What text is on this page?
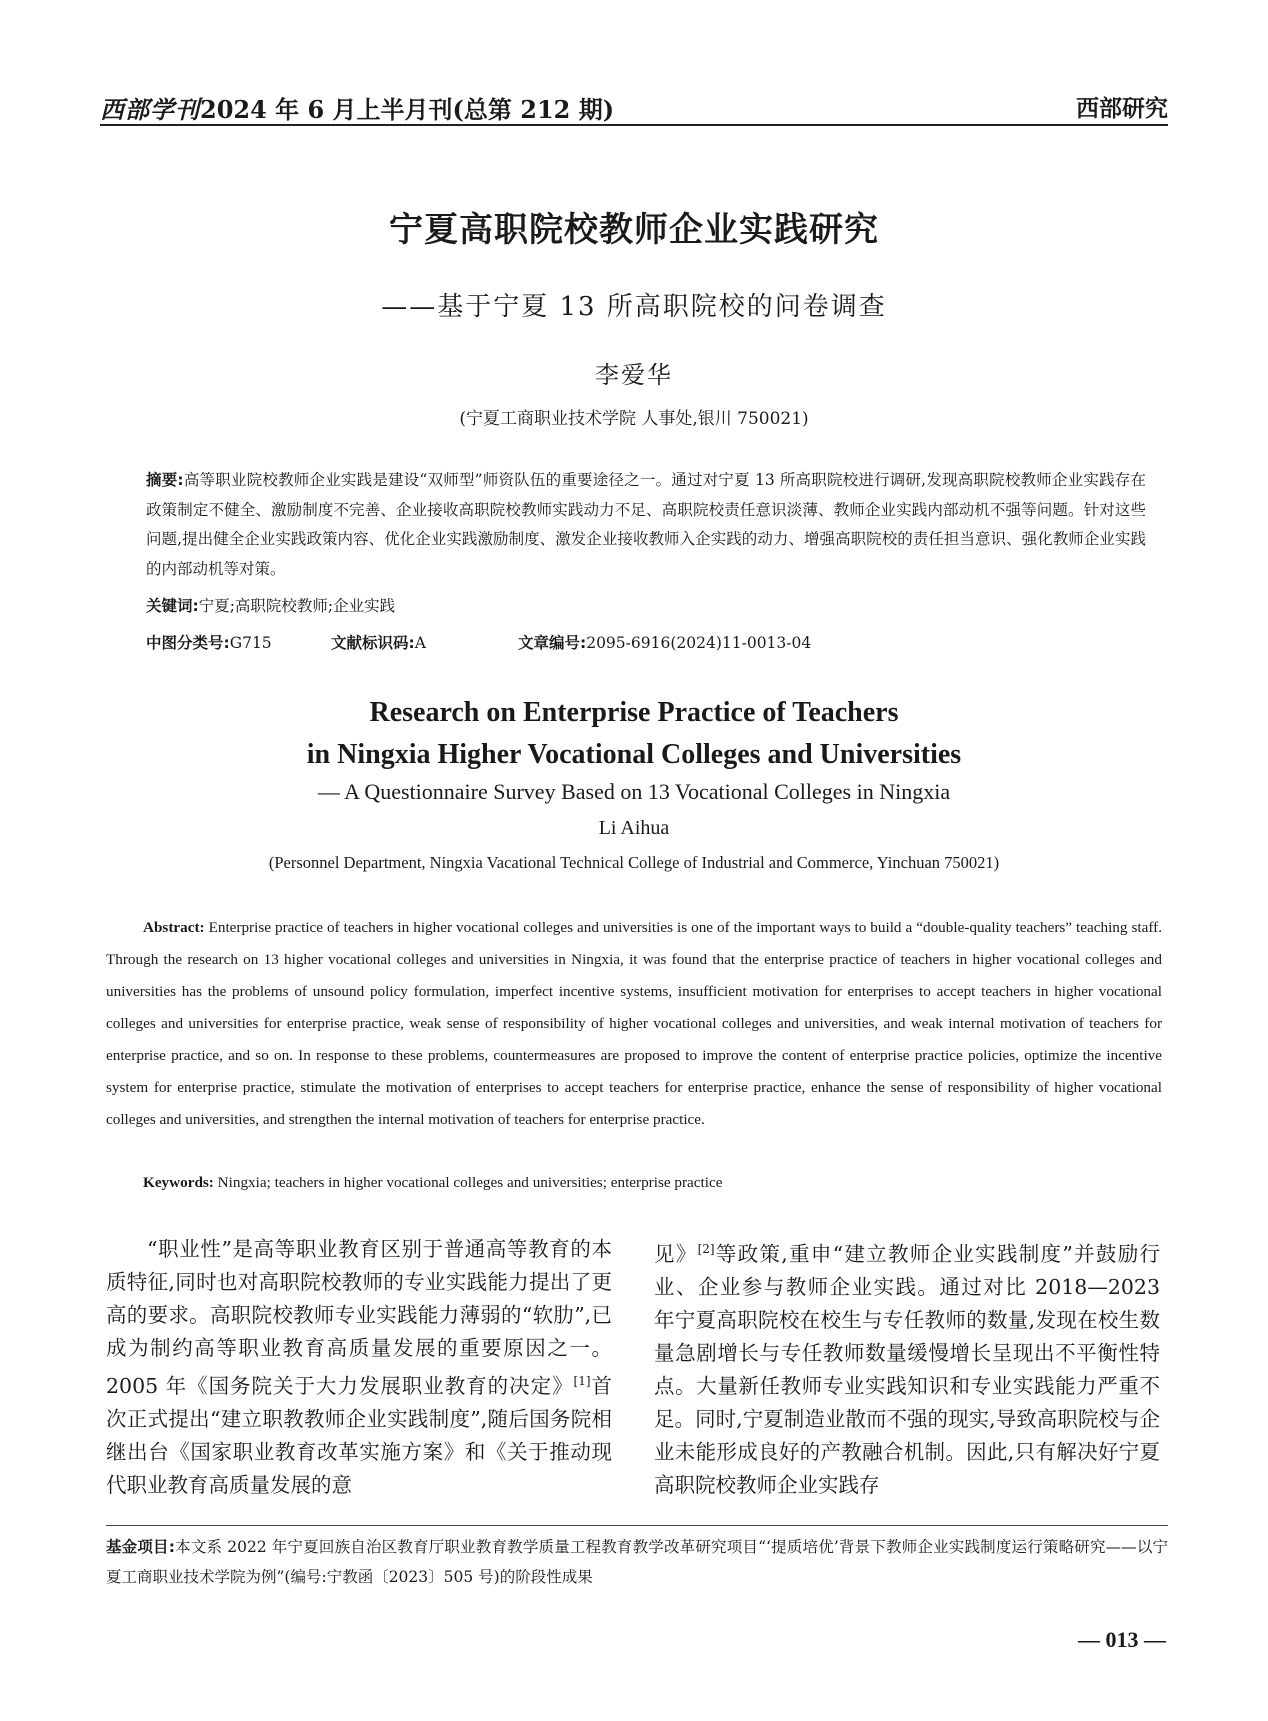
西部学刊2024 年 6 月上半月刊(总第 212 期)	西部研究
宁夏高职院校教师企业实践研究
——基于宁夏 13 所高职院校的问卷调查
李爱华
(宁夏工商职业技术学院 人事处,银川 750021)
摘要:高等职业院校教师企业实践是建设“双师型”师资队伍的重要途径之一。通过对宁夏 13 所高职院校进行调研,发现高职院校教师企业实践存在政策制定不健全、激励制度不完善、企业接收高职院校教师实践动力不足、高职院校责任意识淡薄、教师企业实践内部动机不强等问题。针对这些问题,提出健全企业实践政策内容、优化企业实践激励制度、激发企业接收教师入企实践的动力、增强高职院校的责任担当意识、强化教师企业实践的内部动机等对策。
关键词:宁夏;高职院校教师;企业实践
中图分类号:G715	文献标识码:A	文章编号:2095-6916(2024)11-0013-04
Research on Enterprise Practice of Teachers
in Ningxia Higher Vocational Colleges and Universities
— A Questionnaire Survey Based on 13 Vocational Colleges in Ningxia
Li Aihua
(Personnel Department, Ningxia Vacational Technical College of Industrial and Commerce, Yinchuan 750021)
Abstract: Enterprise practice of teachers in higher vocational colleges and universities is one of the important ways to build a “double-quality teachers” teaching staff. Through the research on 13 higher vocational colleges and universities in Ningxia, it was found that the enterprise practice of teachers in higher vocational colleges and universities has the problems of unsound policy formulation, imperfect incentive systems, insufficient motivation for enterprises to accept teachers in higher vocational colleges and universities for enterprise practice, weak sense of responsibility of higher vocational colleges and universities, and weak internal motivation of teachers for enterprise practice, and so on. In response to these problems, countermeasures are proposed to improve the content of enterprise practice policies, optimize the incentive system for enterprise practice, stimulate the motivation of enterprises to accept teachers for enterprise practice, enhance the sense of responsibility of higher vocational colleges and universities, and strengthen the internal motivation of teachers for enterprise practice.
Keywords: Ningxia; teachers in higher vocational colleges and universities; enterprise practice
“职业性”是高等职业教育区别于普通高等教育的本质特征,同时也对高职院校教师的专业实践能力提出了更高的要求。高职院校教师专业实践能力薄弱的“软肋”,已成为制约高等职业教育高质量发展的重要原因之一。2005 年《国务院关于大力发展职业教育的决定》[1]首次正式提出“建立职教教师企业实践制度”,随后国务院相继出台《国家职业教育改革实施方案》和《关于推动现代职业教育高质量发展的意
见》[2]等政策,重申“建立教师企业实践制度”并鼓励行业、企业参与教师企业实践。通过对比 2018—2023 年宁夏高职院校在校生与专任教师的数量,发现在校生数量急剧增长与专任教师数量缓慢增长呈现出不平衡性特点。大量新任教师专业实践知识和专业实践能力严重不足。同时,宁夏制造业散而不强的现实,导致高职院校与企业未能形成良好的产教融合机制。因此,只有解决好宁夏高职院校教师企业实践存
基金项目:本文系 2022 年宁夏回族自治区教育厅职业教育教学质量工程教育教学改革研究项目“‘提质培优’背景下教师企业实践制度运行策略研究——以宁夏工商职业技术学院为例”(编号:宁教函〔2023〕505 号)的阶段性成果
— 013 —
